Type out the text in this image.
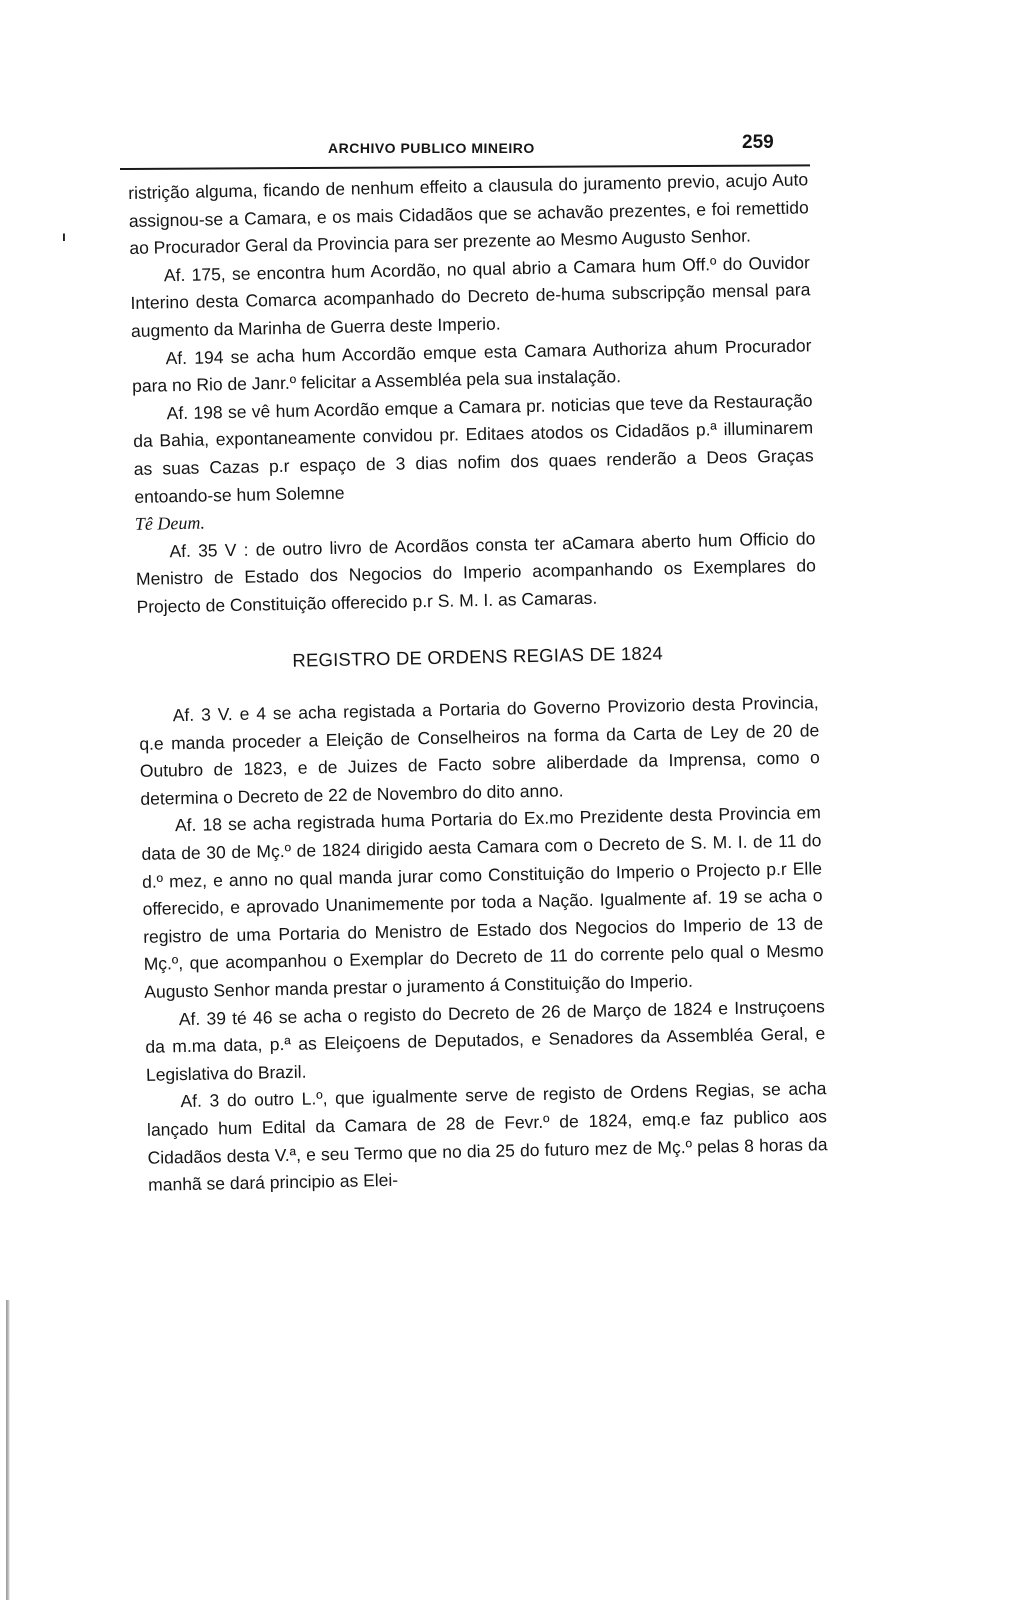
ARCHIVO PUBLICO MINEIRO	259
ı

ristrição alguma, ficando de nenhum effeito a clausula do juramento previo, acujo Auto assignou-se a Camara, e os mais Cidadãos que se achavão prezentes, e foi remettido ao Procurador Geral da Provincia para ser prezente ao Mesmo Augusto Senhor.

Af. 175, se encontra hum Acordão, no qual abrio a Camara hum Off.º do Ouvidor Interino desta Comarca acompanhado do Decreto de-huma subscripção mensal para augmento da Marinha de Guerra deste Imperio.

Af. 194 se acha hum Accordão emque esta Camara Authoriza ahum Procurador para no Rio de Janr.º felicitar a Assembléa pela sua instalação.

Af. 198 se vê hum Acordão emque a Camara pr. noticias que teve da Restauração da Bahia, expontaneamente convidou pr. Editaes atodos os Cidadãos p.ª illuminarem as suas Cazas p.r espaço de 3 dias nofim dos quaes renderão a Deos Graças entoando-se hum Solemne

Tê Deum.

Af. 35 V : de outro livro de Acordãos consta ter aCamara aberto hum Officio do Menistro de Estado dos Negocios do Imperio acompanhando os Exemplares do Projecto de Constituição offerecido p.r S. M. I. as Camaras.

REGISTRO DE ORDENS REGIAS DE 1824

Af. 3 V. e 4 se acha registada a Portaria do Governo Provizorio desta Provincia, q.e manda proceder a Eleição de Conselheiros na forma da Carta de Ley de 20 de Outubro de 1823, e de Juizes de Facto sobre aliberdade da Imprensa, como o determina o Decreto de 22 de Novembro do dito anno.

Af. 18 se acha registrada huma Portaria do Ex.mo Prezidente desta Provincia em data de 30 de Mç.º de 1824 dirigido aesta Camara com o Decreto de S. M. I. de 11 do d.º mez, e anno no qual manda jurar como Constituição do Imperio o Projecto p.r Elle offerecido, e aprovado Unanimemente por toda a Nação. Igualmente af. 19 se acha o registro de uma Portaria do Menistro de Estado dos Negocios do Imperio de 13 de Mç.º, que acompanhou o Exemplar do Decreto de 11 do corrente pelo qual o Mesmo Augusto Senhor manda prestar o juramento á Constituição do Imperio.

Af. 39 té 46 se acha o registo do Decreto de 26 de Março de 1824 e Instruçoens da m.ma data, p.ª as Eleiçoens de Deputados, e Senadores da Assembléa Geral, e Legislativa do Brazil.

Af. 3 do outro L.º, que igualmente serve de registo de Ordens Regias, se acha lançado hum Edital da Camara de 28 de Fevr.º de 1824, emq.e faz publico aos Cidadãos desta V.ª, e seu Termo que no dia 25 do futuro mez de Mç.º pelas 8 horas da manhã se dará principio as Elei-
